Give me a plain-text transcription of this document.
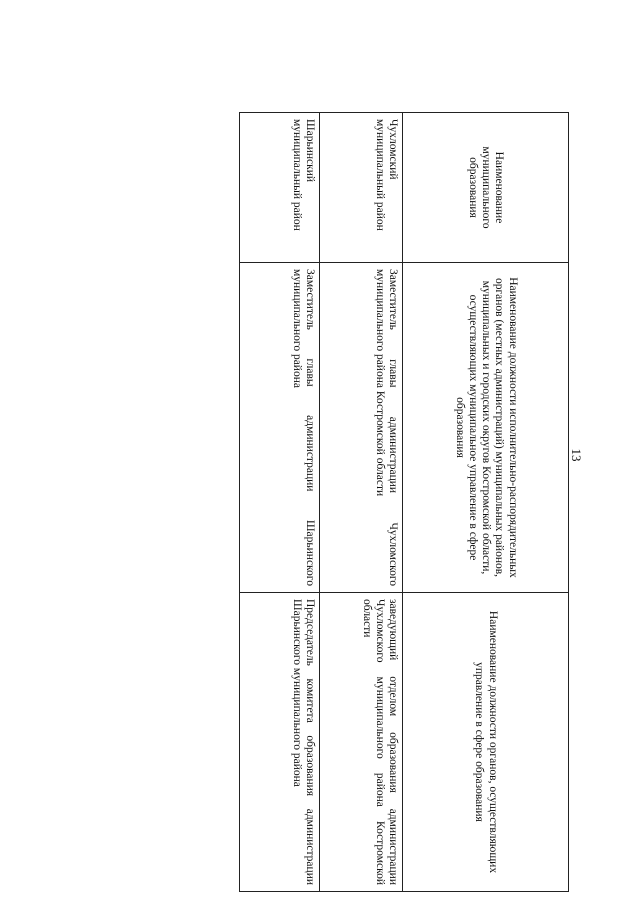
13
Наименование муниципального образования
Наименование должности исполнительно-распорядительных органов (местных администраций) муниципальных районов, муниципальных и городских округов Костромской области, осуществляющих муниципальное управление в сфере образования
Наименование должности органов, осуществляющих управление в сфере образования
Чухломский муниципальный район
Заместитель главы администрации Чухломского муниципального района Костромской области
заведующий отделом образования администрации Чухломского муниципального района Костромской области
Шарьинский муниципальный район
Заместитель главы администрации Шарьинского муниципального района
Председатель комитета образования администрации Шарьинского муниципального района
